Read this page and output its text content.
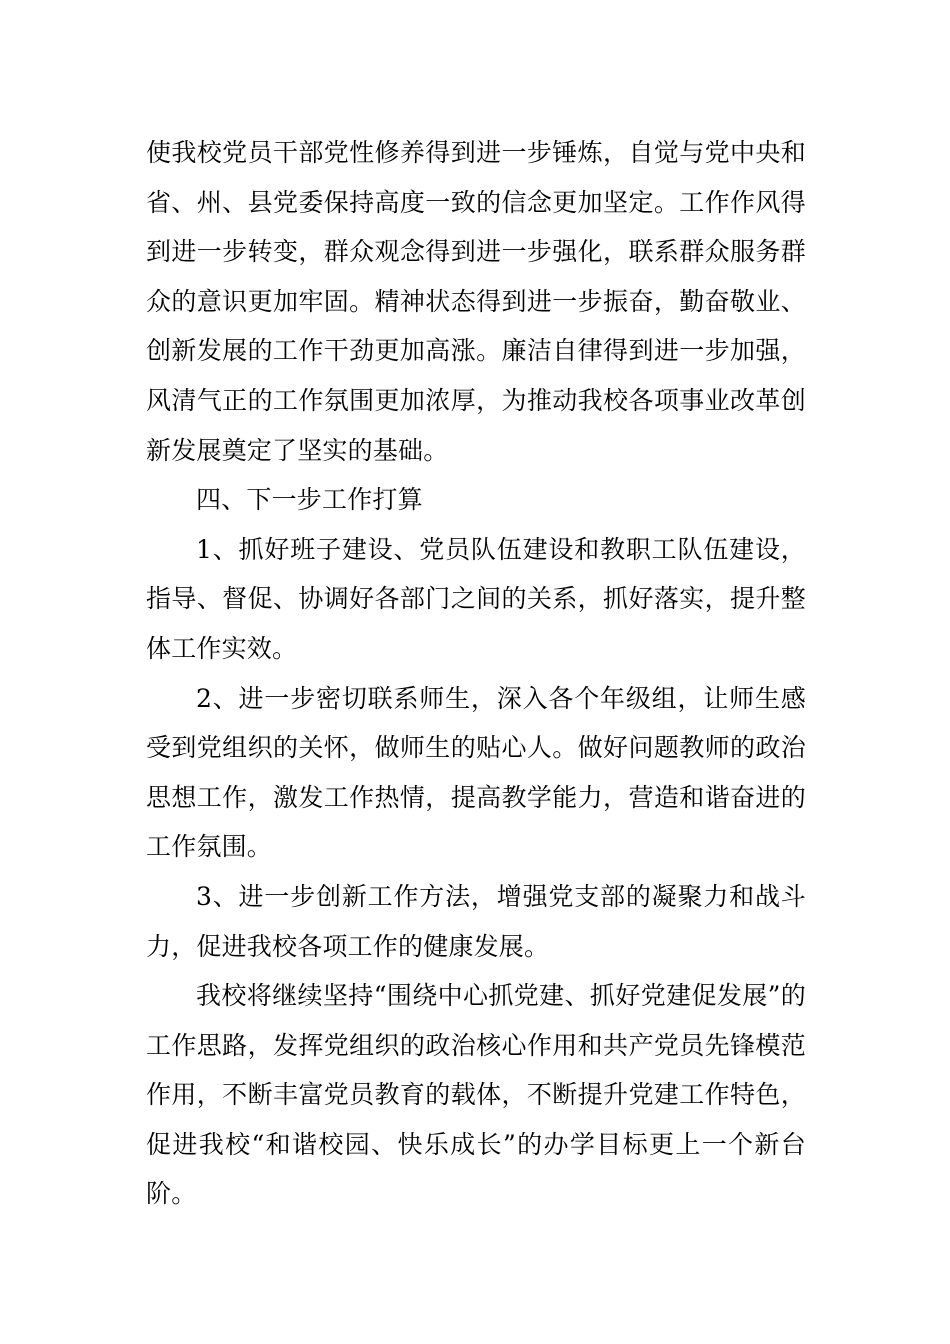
使我校党员干部党性修养得到进一步锤炼，自觉与党中央和省、州、县党委保持高度一致的信念更加坚定。工作作风得到进一步转变，群众观念得到进一步强化，联系群众服务群众的意识更加牢固。精神状态得到进一步振奋，勤奋敬业、创新发展的工作干劲更加高涨。廉洁自律得到进一步加强，风清气正的工作氛围更加浓厚，为推动我校各项事业改革创新发展奠定了坚实的基础。

四、下一步工作打算

1、抓好班子建设、党员队伍建设和教职工队伍建设，指导、督促、协调好各部门之间的关系，抓好落实，提升整体工作实效。

2、进一步密切联系师生，深入各个年级组，让师生感受到党组织的关怀，做师生的贴心人。做好问题教师的政治思想工作，激发工作热情，提高教学能力，营造和谐奋进的工作氛围。

3、进一步创新工作方法，增强党支部的凝聚力和战斗力，促进我校各项工作的健康发展。

我校将继续坚持“围绕中心抓党建、抓好党建促发展”的工作思路，发挥党组织的政治核心作用和共产党员先锋模范作用，不断丰富党员教育的载体，不断提升党建工作特色，促进我校“和谐校园、快乐成长”的办学目标更上一个新台阶。
